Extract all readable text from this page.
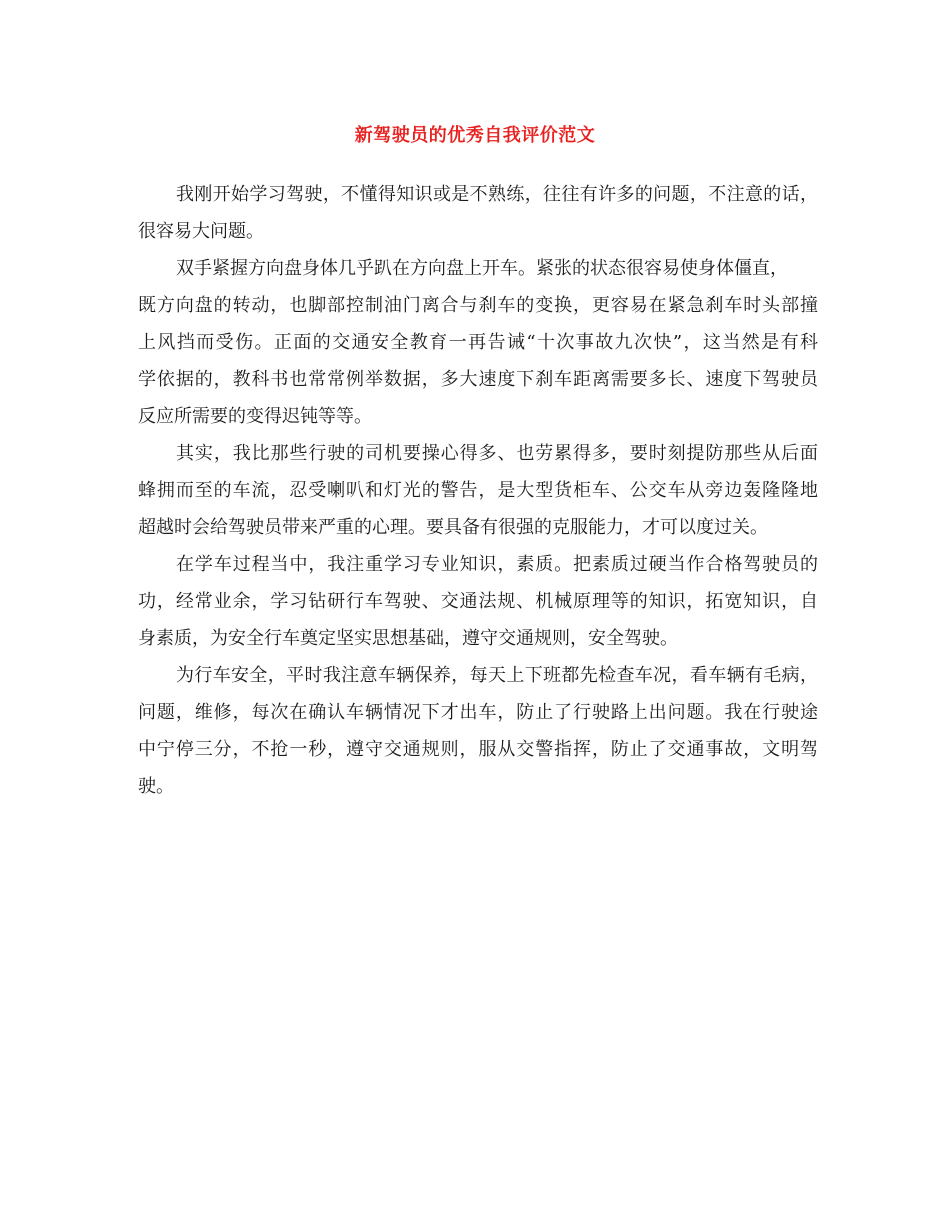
新驾驶员的优秀自我评价范文

我刚开始学习驾驶，不懂得知识或是不熟练，往往有许多的问题，不注意的话，
很容易大问题。

双手紧握方向盘身体几乎趴在方向盘上开车。紧张的状态很容易使身体僵直，
既方向盘的转动，也脚部控制油门离合与刹车的变换，更容易在紧急刹车时头部撞
上风挡而受伤。正面的交通安全教育一再告诫“十次事故九次快”，这当然是有科
学依据的，教科书也常常例举数据，多大速度下刹车距离需要多长、速度下驾驶员
反应所需要的变得迟钝等等。

其实，我比那些行驶的司机要操心得多、也劳累得多，要时刻提防那些从后面
蜂拥而至的车流，忍受喇叭和灯光的警告，是大型货柜车、公交车从旁边轰隆隆地
超越时会给驾驶员带来严重的心理。要具备有很强的克服能力，才可以度过关。

在学车过程当中，我注重学习专业知识，素质。把素质过硬当作合格驾驶员的
功，经常业余，学习钻研行车驾驶、交通法规、机械原理等的知识，拓宽知识，自
身素质，为安全行车奠定坚实思想基础，遵守交通规则，安全驾驶。

为行车安全，平时我注意车辆保养，每天上下班都先检查车况，看车辆有毛病，
问题，维修，每次在确认车辆情况下才出车，防止了行驶路上出问题。我在行驶途
中宁停三分，不抢一秒，遵守交通规则，服从交警指挥，防止了交通事故，文明驾
驶。
